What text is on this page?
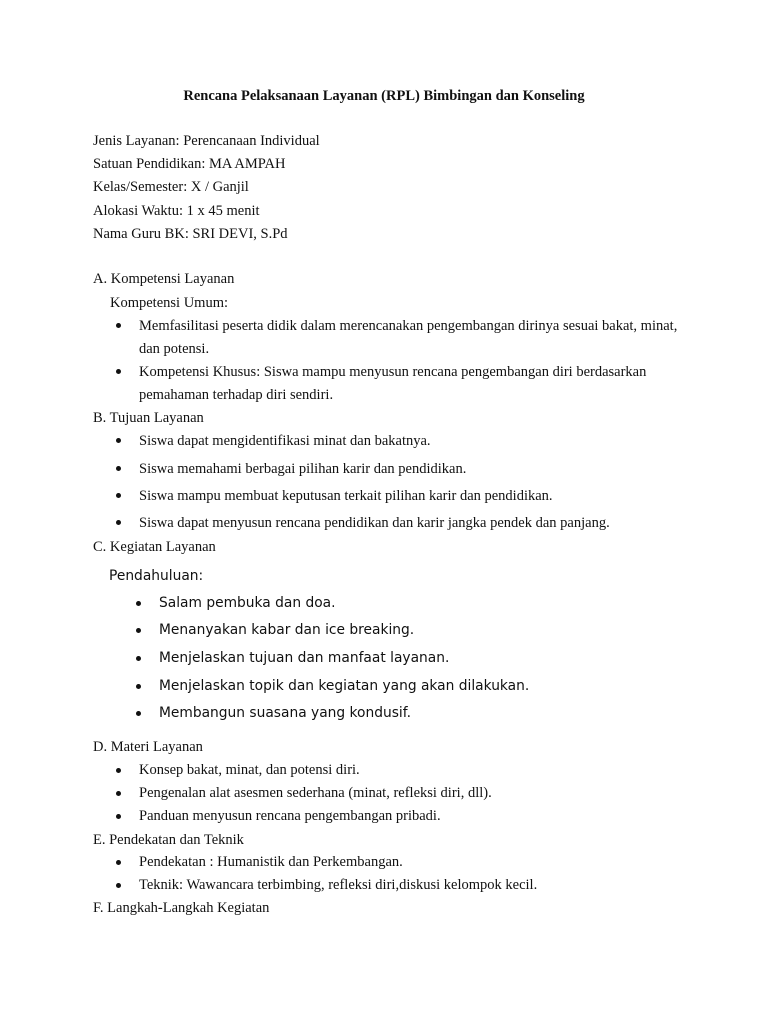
Rencana Pelaksanaan Layanan (RPL) Bimbingan dan Konseling
Jenis Layanan: Perencanaan Individual
Satuan Pendidikan: MA AMPAH
Kelas/Semester: X / Ganjil
Alokasi Waktu: 1 x 45 menit
Nama Guru BK: SRI DEVI, S.Pd
A. Kompetensi Layanan
Kompetensi Umum:
Memfasilitasi peserta didik dalam merencanakan pengembangan dirinya sesuai bakat, minat, dan potensi.
Kompetensi Khusus: Siswa mampu menyusun rencana pengembangan diri berdasarkan pemahaman terhadap diri sendiri.
B. Tujuan Layanan
Siswa dapat mengidentifikasi minat dan bakatnya.
Siswa memahami berbagai pilihan karir dan pendidikan.
Siswa mampu membuat keputusan terkait pilihan karir dan pendidikan.
Siswa dapat menyusun rencana pendidikan dan karir jangka pendek dan panjang.
C. Kegiatan Layanan
Pendahuluan:
Salam pembuka dan doa.
Menanyakan kabar dan ice breaking.
Menjelaskan tujuan dan manfaat layanan.
Menjelaskan topik dan kegiatan yang akan dilakukan.
Membangun suasana yang kondusif.
D. Materi Layanan
Konsep bakat, minat, dan potensi diri.
Pengenalan alat asesmen sederhana (minat, refleksi diri, dll).
Panduan menyusun rencana pengembangan pribadi.
E. Pendekatan dan Teknik
Pendekatan : Humanistik dan Perkembangan.
Teknik: Wawancara terbimbing, refleksi diri,diskusi kelompok kecil.
F. Langkah-Langkah Kegiatan
